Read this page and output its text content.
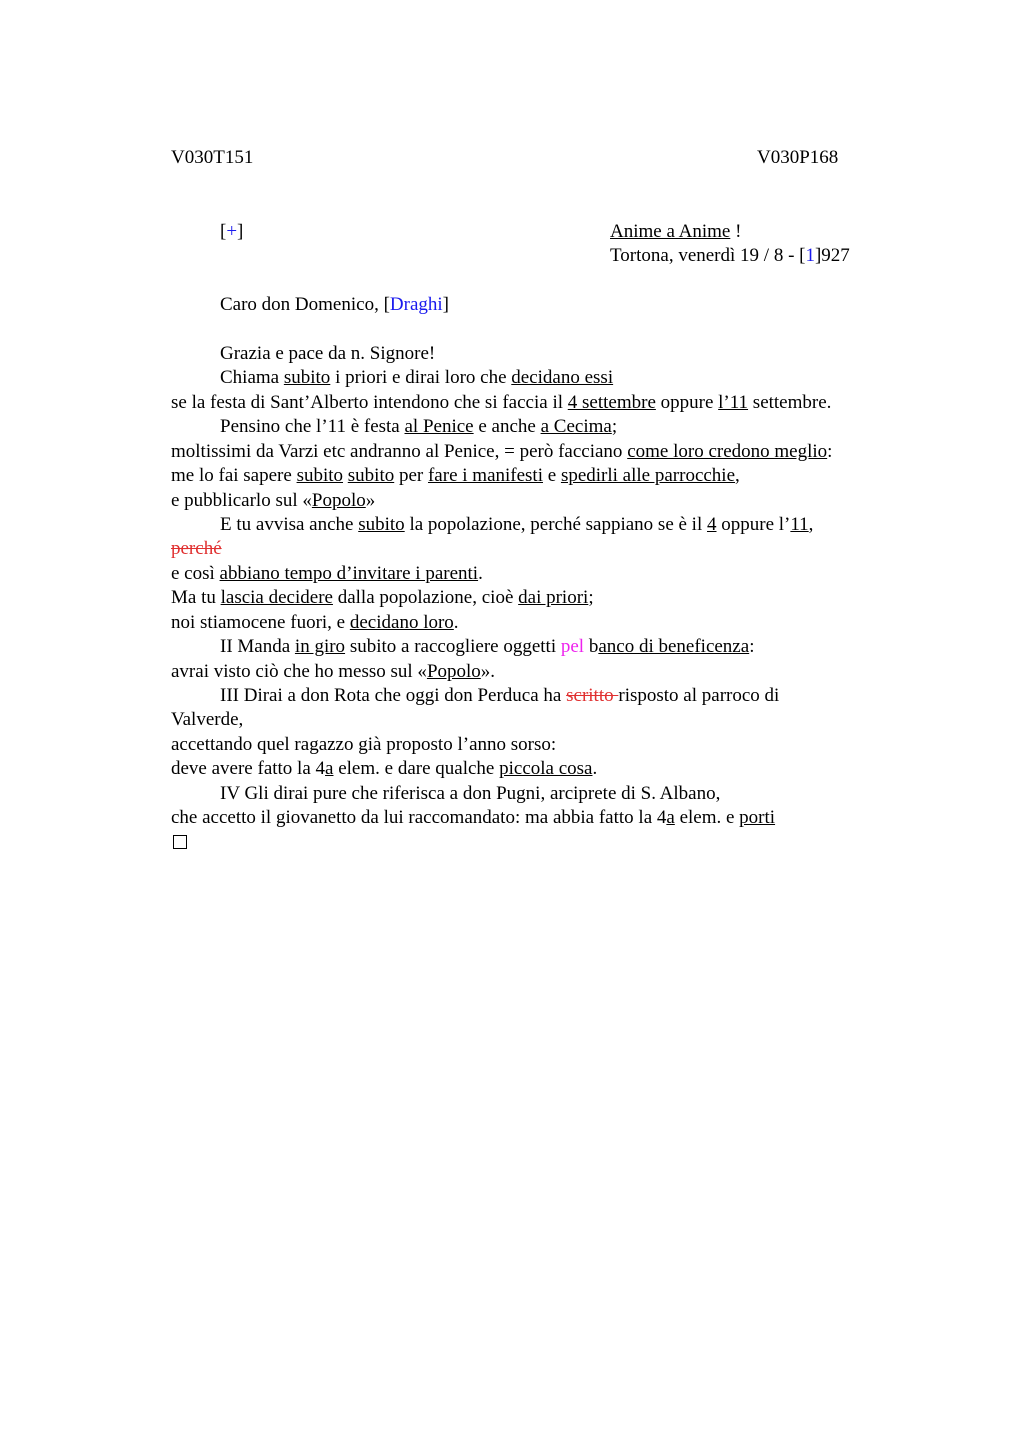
V030T151	V030P168
[+]	Anime a Anime !
Tortona, venerdì 19 / 8 - [1]927
Caro don Domenico, [Draghi]
Grazia e pace da n. Signore!
Chiama subito i priori e dirai loro che decidano essi
se la festa di Sant’Alberto intendono che si faccia il 4 settembre oppure l’11 settembre.
Pensino che l’11 è festa al Penice e anche a Cecima;
moltissimi da Varzi etc andranno al Penice, = però facciano come loro credono meglio:
me lo fai sapere subito subito per fare i manifesti e spedirli alle parrocchie,
e pubblicarlo sul «Popolo»
E tu avvisa anche subito la popolazione, perché sappiano se è il 4 oppure l’11,
perché
e così abbiano tempo d’invitare i parenti.
Ma tu lascia decidere dalla popolazione, cioè dai priori;
noi stiamocene fuori, e decidano loro.
II Manda in giro subito a raccogliere oggetti pel banco di beneficenza:
avrai visto ciò che ho messo sul «Popolo».
III Dirai a don Rota che oggi don Perduca ha scritto risposto al parroco di
Valverde,
accettando quel ragazzo già proposto l’anno sorso:
deve avere fatto la 4a elem. e dare qualche piccola cosa.
IV Gli dirai pure che riferisca a don Pugni, arciprete di S. Albano,
che accetto il giovanetto da lui raccomandato: ma abbia fatto la 4a elem. e porti
